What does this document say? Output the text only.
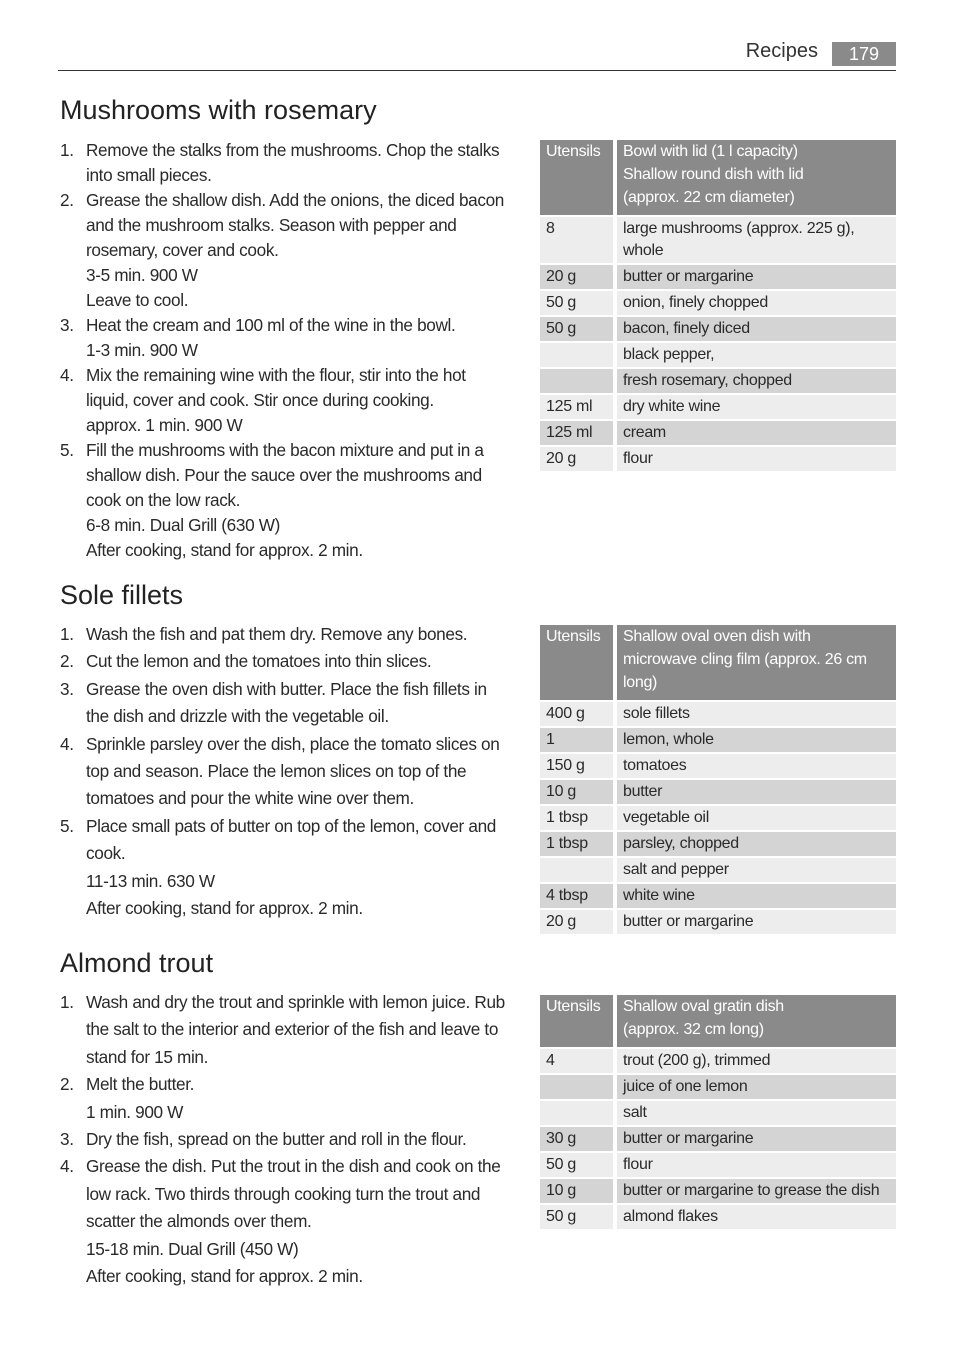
Recipes	179
Mushrooms with rosemary
1. Remove the stalks from the mushrooms. Chop the stalks
into small pieces.
2. Grease the shallow dish. Add the onions, the diced bacon
and the mushroom stalks. Season with pepper and
rosemary, cover and cook.
3-5 min. 900 W
Leave to cool.
3. Heat the cream and 100 ml of the wine in the bowl.
1-3 min. 900 W
4. Mix the remaining wine with the flour, stir into the hot
liquid, cover and cook. Stir once during cooking.
approx. 1 min. 900 W
5. Fill the mushrooms with the bacon mixture and put in a
shallow dish. Pour the sauce over the mushrooms and
cook on the low rack.
6-8 min. Dual Grill (630 W)
After cooking, stand for approx. 2 min.
Utensils	Bowl with lid (1 l capacity)
Shallow round dish with lid
(approx. 22 cm diameter)

8	large mushrooms (approx. 225 g), whole
20 g	butter or margarine
50 g	onion, finely chopped
50 g	bacon, finely diced
	black pepper,
	fresh rosemary, chopped
125 ml	dry white wine
125 ml	cream
20 g	flour
Sole fillets
1. Wash the fish and pat them dry. Remove any bones.
2. Cut the lemon and the tomatoes into thin slices.
3. Grease the oven dish with butter. Place the fish fillets in
the dish and drizzle with the vegetable oil.
4. Sprinkle parsley over the dish, place the tomato slices on
top and season. Place the lemon slices on top of the
tomatoes and pour the white wine over them.
5. Place small pats of butter on top of the lemon, cover and
cook.
11-13 min. 630 W
After cooking, stand for approx. 2 min.
Utensils	Shallow oval oven dish with
microwave cling film (approx. 26 cm
long)

400 g	sole fillets
1	lemon, whole
150 g	tomatoes
10 g	butter
1 tbsp	vegetable oil
1 tbsp	parsley, chopped
	salt and pepper
4 tbsp	white wine
20 g	butter or margarine
Almond trout
1. Wash and dry the trout and sprinkle with lemon juice. Rub
the salt to the interior and exterior of the fish and leave to
stand for 15 min.
2. Melt the butter.
1 min. 900 W
3. Dry the fish, spread on the butter and roll in the flour.
4. Grease the dish. Put the trout in the dish and cook on the
low rack. Two thirds through cooking turn the trout and
scatter the almonds over them.
15-18 min. Dual Grill (450 W)
After cooking, stand for approx. 2 min.
Utensils	Shallow oval gratin dish
(approx. 32 cm long)

4	trout (200 g), trimmed
	juice of one lemon
	salt
30 g	butter or margarine
50 g	flour
10 g	butter or margarine to grease the dish
50 g	almond flakes
